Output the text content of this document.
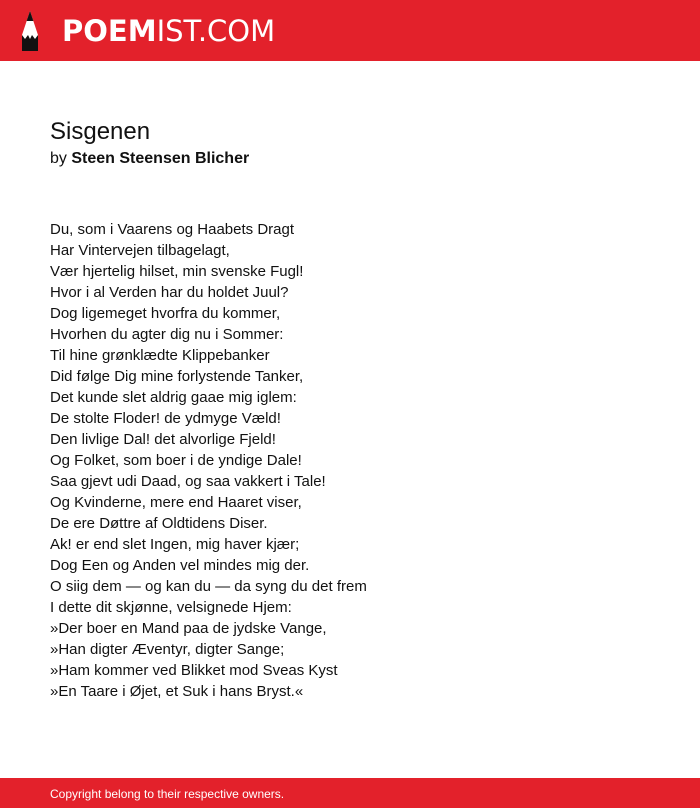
POEMIST.COM
Sisgenen
by Steen Steensen Blicher
Du, som i Vaarens og Haabets Dragt
Har Vintervejen tilbagelagt,
Vær hjertelig hilset, min svenske Fugl!
Hvor i al Verden har du holdet Juul?
Dog ligemeget hvorfra du kommer,
Hvorhen du agter dig nu i Sommer:
Til hine grønklædte Klippebanker
Did følge Dig mine forlystende Tanker,
Det kunde slet aldrig gaae mig iglem:
De stolte Floder! de ydmyge Væld!
Den livlige Dal! det alvorlige Fjeld!
Og Folket, som boer i de yndige Dale!
Saa gjevt udi Daad, og saa vakkert i Tale!
Og Kvinderne, mere end Haaret viser,
De ere Døttre af Oldtidens Diser.
Ak! er end slet Ingen, mig haver kjær;
Dog Een og Anden vel mindes mig der.
O siig dem — og kan du — da syng du det frem
I dette dit skjønne, velsignede Hjem:
»Der boer en Mand paa de jydske Vange,
»Han digter Æventyr, digter Sange;
»Ham kommer ved Blikket mod Sveas Kyst
»En Taare i Øjet, et Suk i hans Bryst.«
Copyright belong to their respective owners.
